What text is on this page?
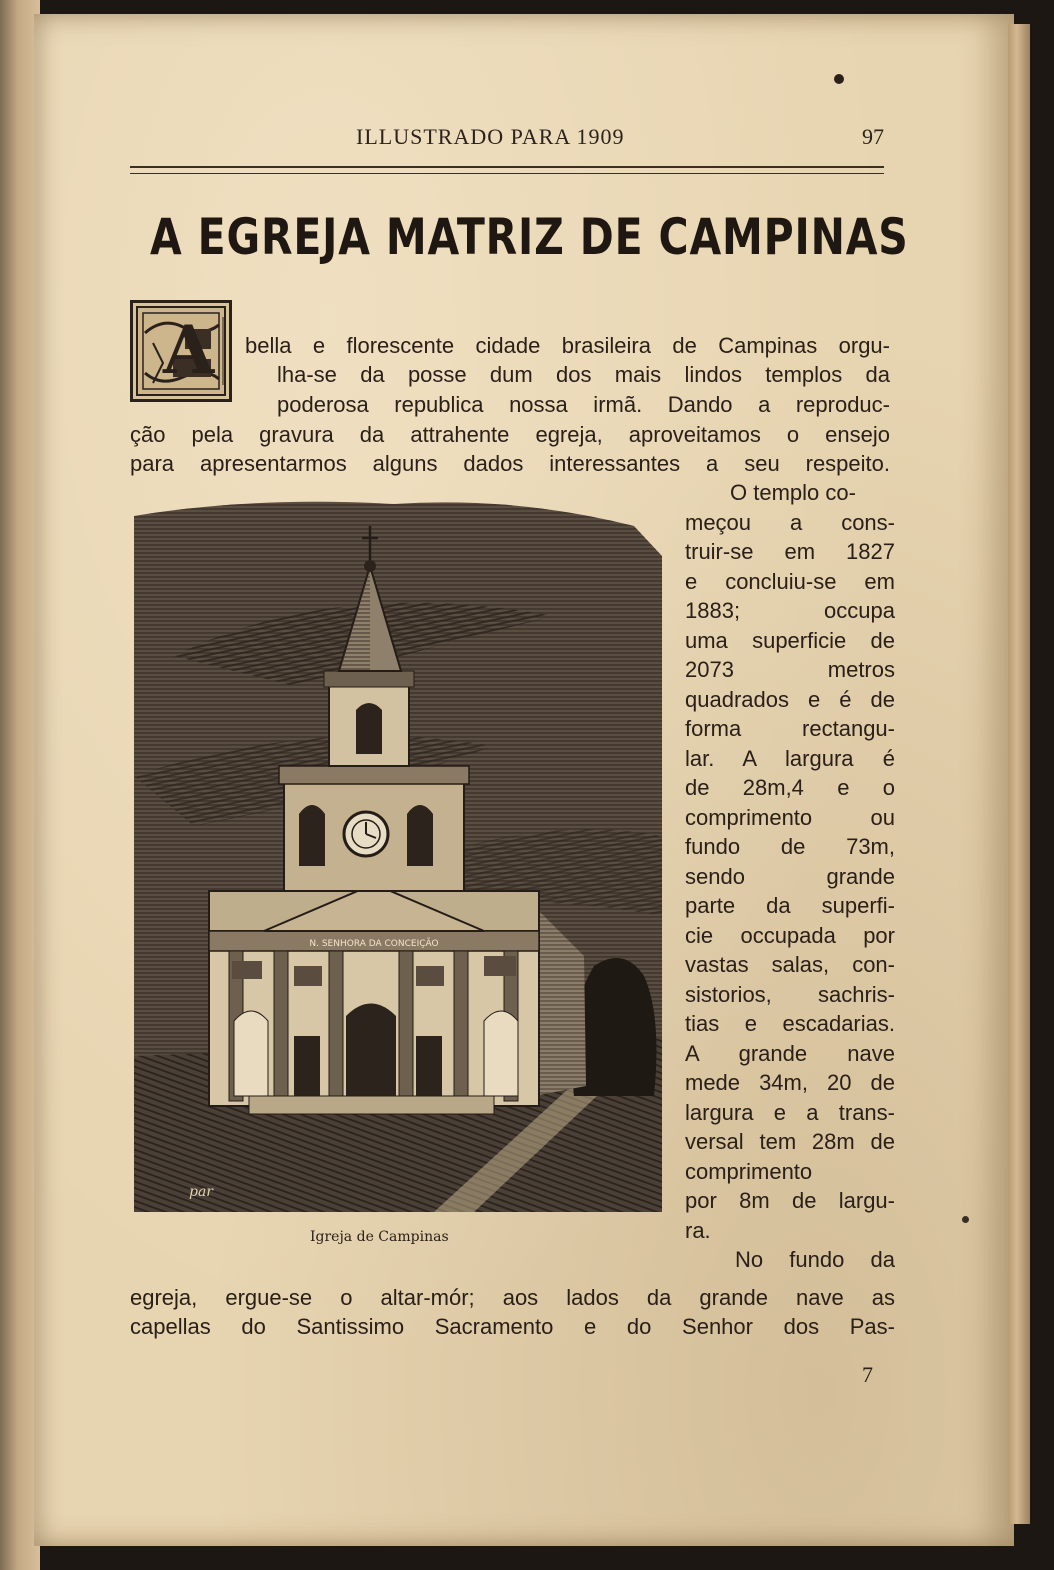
ILLUSTRADO PARA 1909	97
A EGREJA MATRIZ DE CAMPINAS
A bella e florescente cidade brasileira de Campinas orgu-
lha-se da posse dum dos mais lindos templos da
poderosa republica nossa irmã. Dando a reproduc-
ção pela gravura da attrahente egreja, aproveitamos o ensejo
para apresentarmos alguns dados interessantes a seu respeito.
O templo co-
meçou a cons-
truir-se em 1827
e concluiu-se em
1883; occupa
uma superficie de
2073 metros
quadrados e é de
forma rectangu-
lar. A largura é
de 28m,4 e o
comprimento ou
fundo de 73m,
sendo grande
parte da superfi-
cie occupada por
vastas salas, con-
sistorios, sachris-
tias e escadarias.
A grande nave
mede 34m, 20 de
largura e a trans-
versal tem 28m de
comprimento
por 8m de largu-
ra.
No fundo da
N. SENHORA DA CONCEIÇÃO
par
Igreja de Campinas
egreja, ergue-se o altar-mór; aos lados da grande nave as
capellas do Santissimo Sacramento e do Senhor dos Pas-
7
